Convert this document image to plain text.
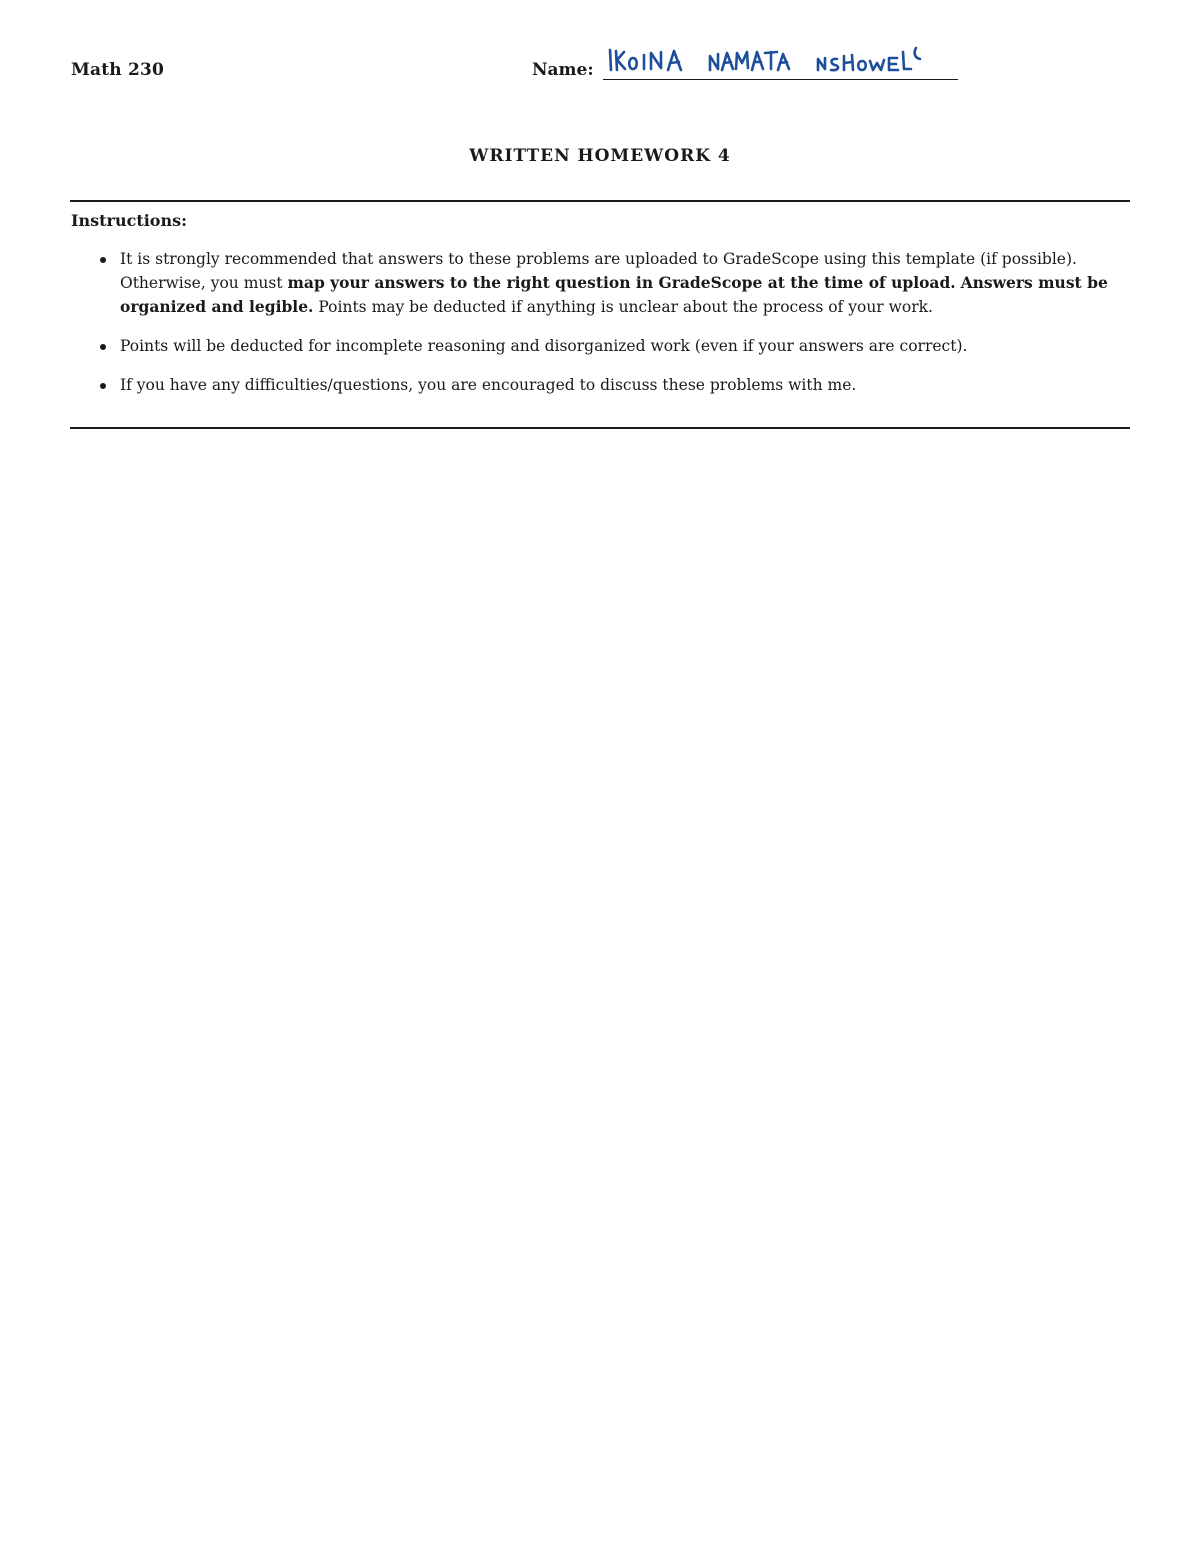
Math 230	Name:
WRITTEN HOMEWORK 4
Instructions:
It is strongly recommended that answers to these problems are uploaded to GradeScope using this template (if possible). Otherwise, you must map your answers to the right question in GradeScope at the time of upload. Answers must be organized and legible. Points may be deducted if anything is unclear about the process of your work.
Points will be deducted for incomplete reasoning and disorganized work (even if your answers are correct).
If you have any difficulties/questions, you are encouraged to discuss these problems with me.
